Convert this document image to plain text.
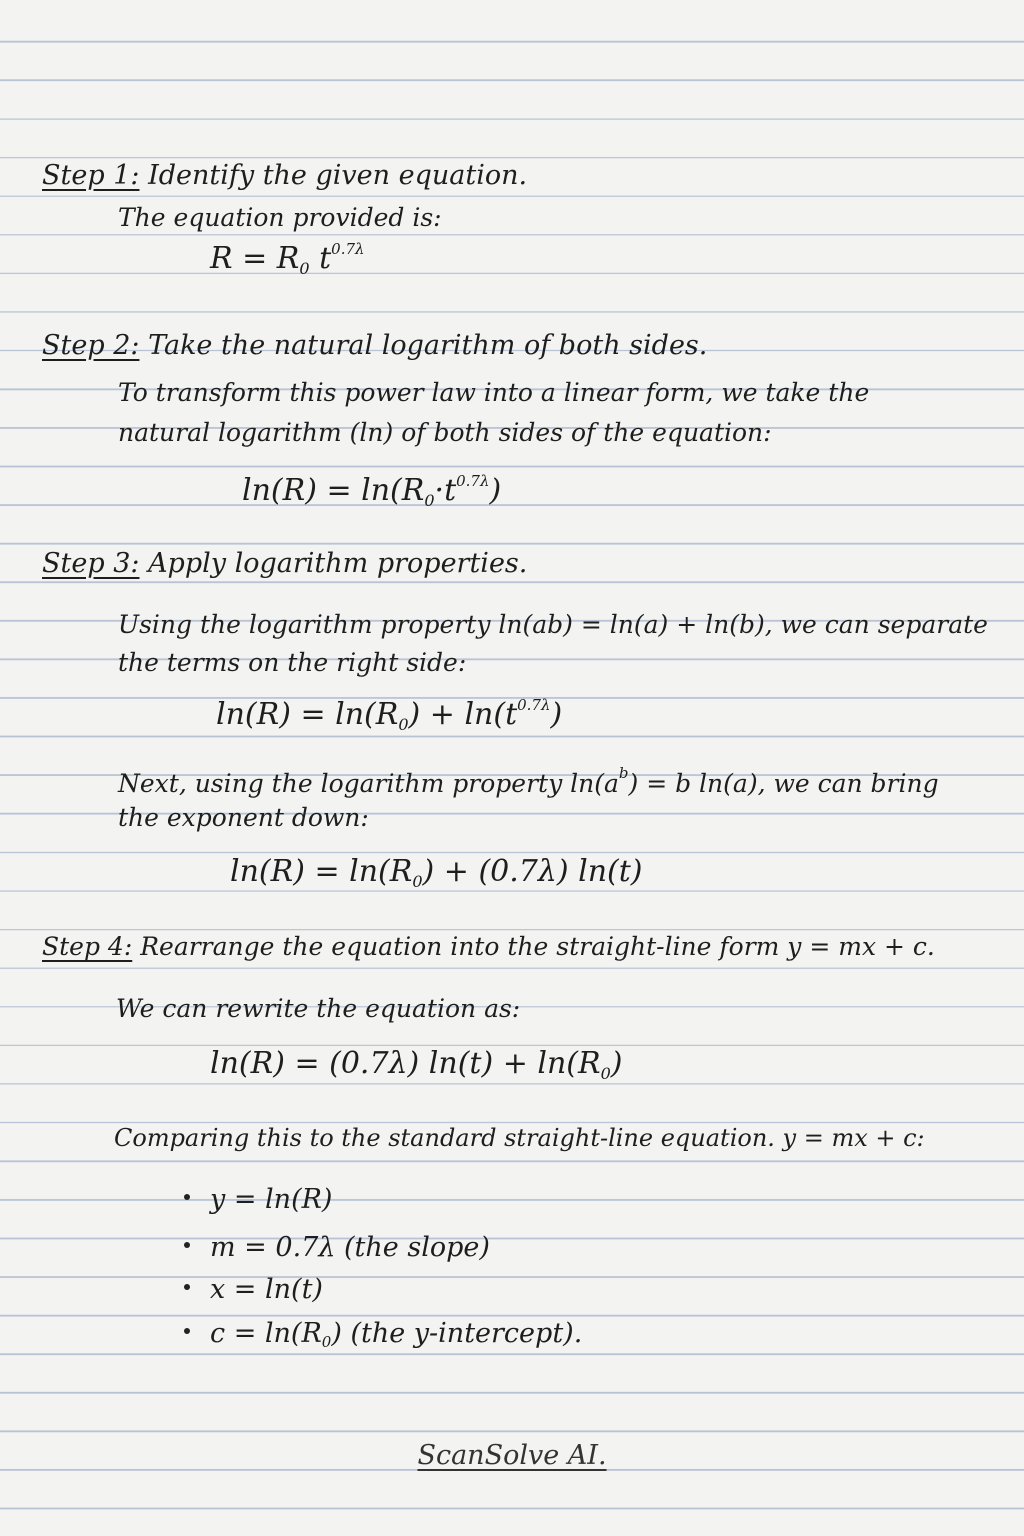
Step 1: Identify the given equation.
The equation provided is:
$R = R_0$ $t^{0.7\lambda}$
Step 2: Take the natural logarithm of both sides.
To transform this power law into a linear form, we take the
natural logarithm (ln) of both sides of the equation:
$\ln(R) = \ln(R_0\cdot t^{0.7\lambda})$
Step 3: Apply logarithm properties.
Using the logarithm property ln(ab) = ln(a) + ln(b), we can separate
the terms on the right side:
$\ln(R) = \ln(R_0) + \ln(t^{0.7\lambda})$
Next, using the logarithm property $\ln(a^b) = b$ ln(a), we can bring
the exponent down:
$\ln(R) = \ln(R_0) + (0.7\lambda)$ ln(t)
Step 4: Rearrange the equation into the straight-line form y = mx + c.
We can rewrite the equation as:
ln(R) = (0.7λ) $\ln(t) + \ln(R_0)$
Comparing this to the standard straight-line equation. y = mx + c:
y = ln(R)
m = 0.7λ (the slope)
x = ln(t)
$c = \ln(R_0)$ (the y-intercept).
ScanSolve AI.
